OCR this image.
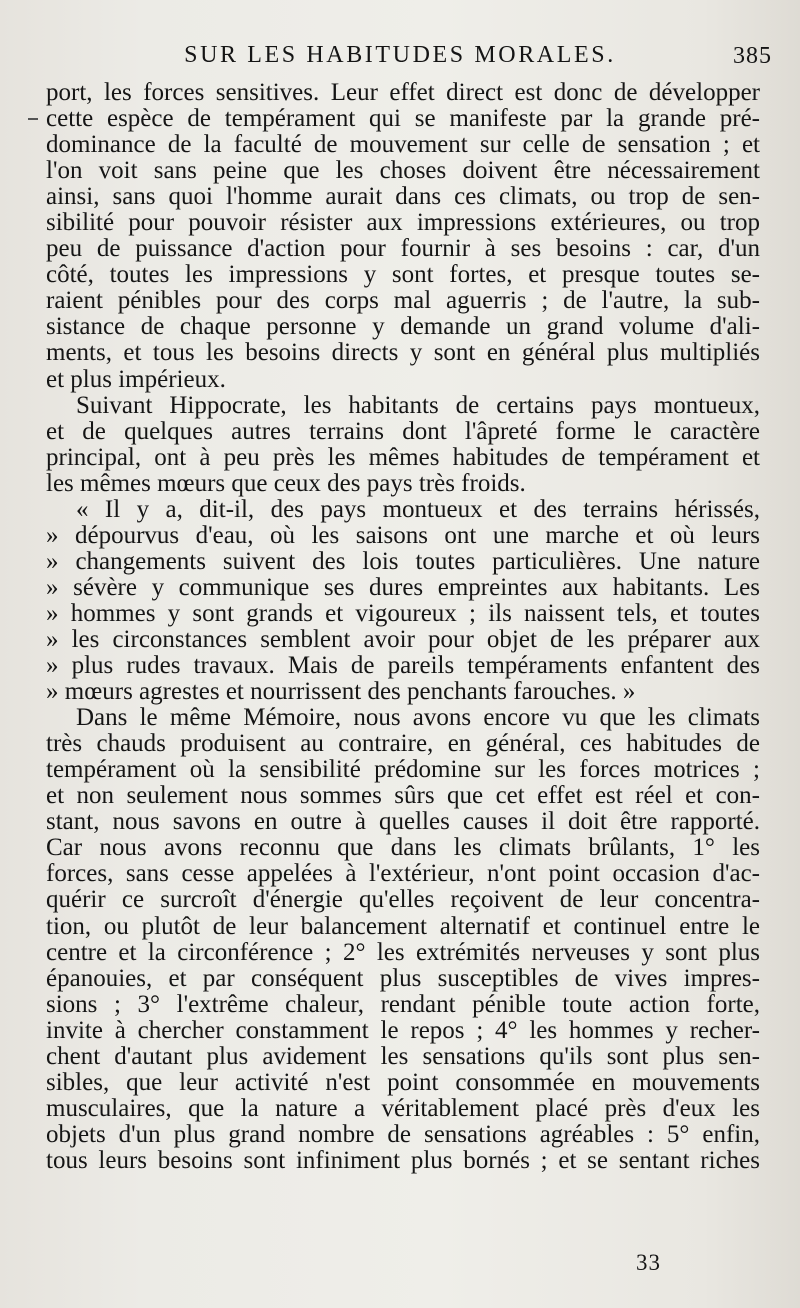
SUR LES HABITUDES MORALES.	385
port, les forces sensitives. Leur effet direct est donc de développer
cette espèce de tempérament qui se manifeste par la grande pré-
dominance de la faculté de mouvement sur celle de sensation ; et
l'on voit sans peine que les choses doivent être nécessairement
ainsi, sans quoi l'homme aurait dans ces climats, ou trop de sen-
sibilité pour pouvoir résister aux impressions extérieures, ou trop
peu de puissance d'action pour fournir à ses besoins : car, d'un
côté, toutes les impressions y sont fortes, et presque toutes se-
raient pénibles pour des corps mal aguerris ; de l'autre, la sub-
sistance de chaque personne y demande un grand volume d'ali-
ments, et tous les besoins directs y sont en général plus multipliés
et plus impérieux.
Suivant Hippocrate, les habitants de certains pays montueux,
et de quelques autres terrains dont l'âpreté forme le caractère
principal, ont à peu près les mêmes habitudes de tempérament et
les mêmes mœurs que ceux des pays très froids.
« Il y a, dit-il, des pays montueux et des terrains hérissés,
» dépourvus d'eau, où les saisons ont une marche et où leurs
» changements suivent des lois toutes particulières. Une nature
» sévère y communique ses dures empreintes aux habitants. Les
» hommes y sont grands et vigoureux ; ils naissent tels, et toutes
» les circonstances semblent avoir pour objet de les préparer aux
» plus rudes travaux. Mais de pareils tempéraments enfantent des
» mœurs agrestes et nourrissent des penchants farouches. »
Dans le même Mémoire, nous avons encore vu que les climats
très chauds produisent au contraire, en général, ces habitudes de
tempérament où la sensibilité prédomine sur les forces motrices ;
et non seulement nous sommes sûrs que cet effet est réel et con-
stant, nous savons en outre à quelles causes il doit être rapporté.
Car nous avons reconnu que dans les climats brûlants, 1° les
forces, sans cesse appelées à l'extérieur, n'ont point occasion d'ac-
quérir ce surcroît d'énergie qu'elles reçoivent de leur concentra-
tion, ou plutôt de leur balancement alternatif et continuel entre le
centre et la circonférence ; 2° les extrémités nerveuses y sont plus
épanouies, et par conséquent plus susceptibles de vives impres-
sions ; 3° l'extrême chaleur, rendant pénible toute action forte,
invite à chercher constamment le repos ; 4° les hommes y recher-
chent d'autant plus avidement les sensations qu'ils sont plus sen-
sibles, que leur activité n'est point consommée en mouvements
musculaires, que la nature a véritablement placé près d'eux les
objets d'un plus grand nombre de sensations agréables : 5° enfin,
tous leurs besoins sont infiniment plus bornés ; et se sentant riches
33
